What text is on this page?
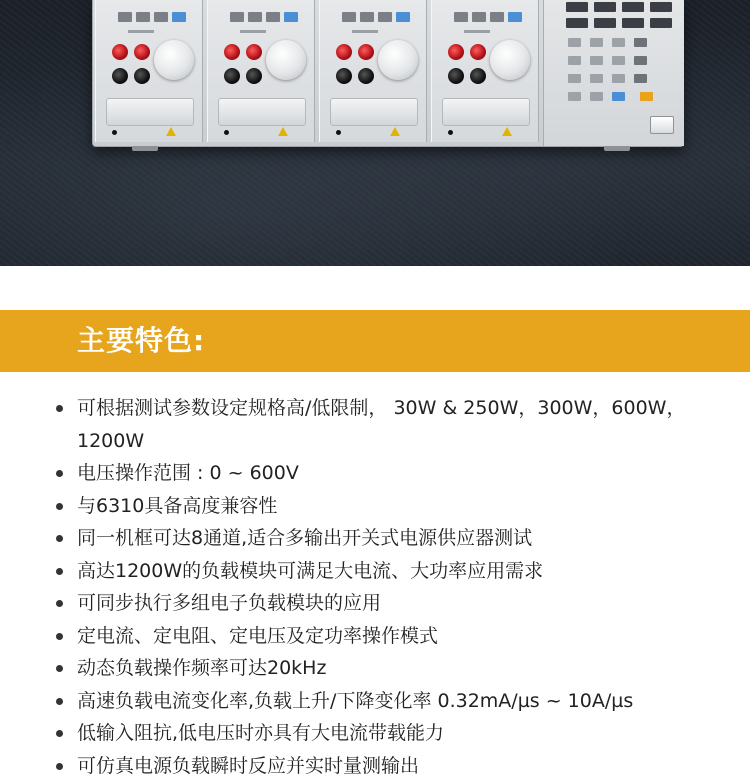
主要特色:
可根据测试参数设定规格高/低限制， 30W & 250W，300W，600W，1200W
电压操作范围 : 0 ~ 600V
与6310具备高度兼容性
同一机框可达8通道,适合多输出开关式电源供应器测试
高达1200W的负载模块可满足大电流、大功率应用需求
可同步执行多组电子负载模块的应用
定电流、定电阻、定电压及定功率操作模式
动态负载操作频率可达20kHz
高速负载电流变化率,负载上升/下降变化率 0.32mA/µs ~ 10A/µs
低输入阻抗,低电压时亦具有大电流带载能力
可仿真电源负载瞬时反应并实时量测输出
